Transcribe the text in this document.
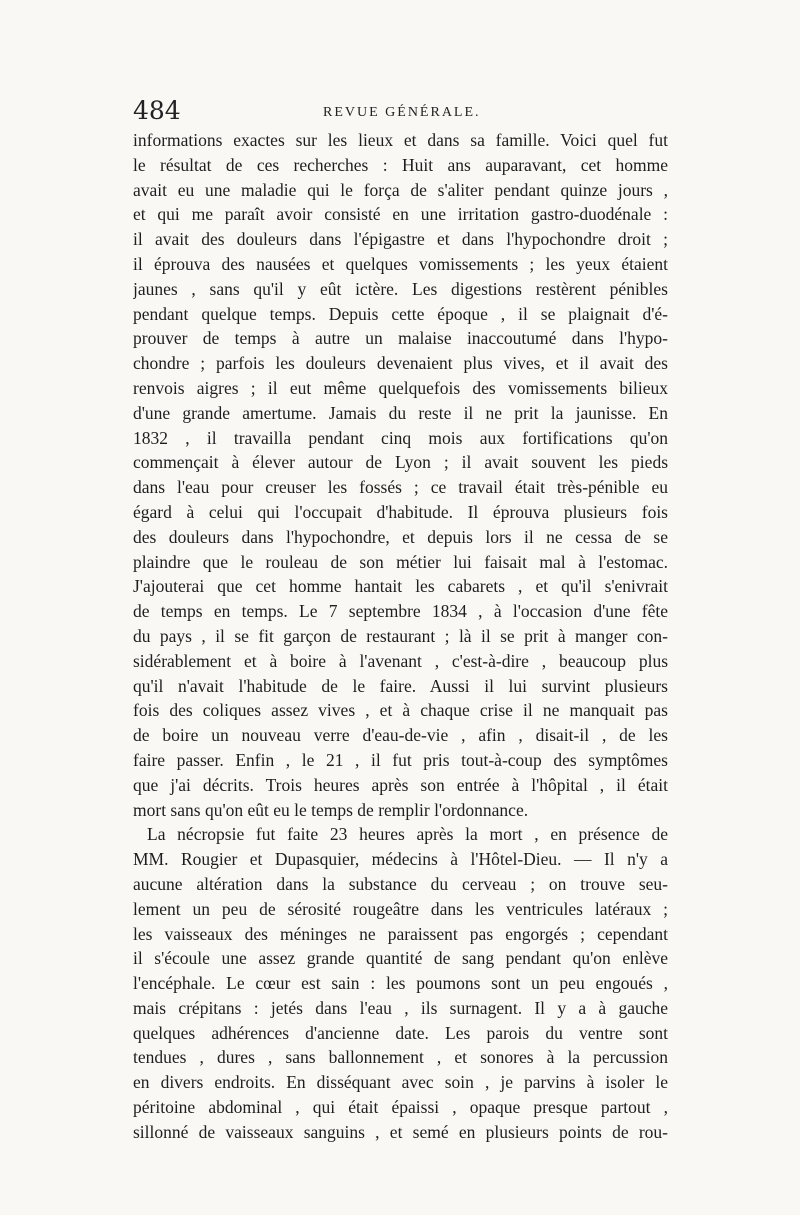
484	REVUE GÉNÉRALE.
informations exactes sur les lieux et dans sa famille. Voici quel fut
le résultat de ces recherches : Huit ans auparavant, cet homme
avait eu une maladie qui le força de s'aliter pendant quinze jours ,
et qui me paraît avoir consisté en une irritation gastro-duodénale :
il avait des douleurs dans l'épigastre et dans l'hypochondre droit ;
il éprouva des nausées et quelques vomissements ; les yeux étaient
jaunes , sans qu'il y eût ictère. Les digestions restèrent pénibles
pendant quelque temps. Depuis cette époque , il se plaignait d'é-
prouver de temps à autre un malaise inaccoutumé dans l'hypo-
chondre ; parfois les douleurs devenaient plus vives, et il avait des
renvois aigres ; il eut même quelquefois des vomissements bilieux
d'une grande amertume. Jamais du reste il ne prit la jaunisse. En
1832 , il travailla pendant cinq mois aux fortifications qu'on
commençait à élever autour de Lyon ; il avait souvent les pieds
dans l'eau pour creuser les fossés ; ce travail était très-pénible eu
égard à celui qui l'occupait d'habitude. Il éprouva plusieurs fois
des douleurs dans l'hypochondre, et depuis lors il ne cessa de se
plaindre que le rouleau de son métier lui faisait mal à l'estomac.
J'ajouterai que cet homme hantait les cabarets , et qu'il s'enivrait
de temps en temps. Le 7 septembre 1834 , à l'occasion d'une fête
du pays , il se fit garçon de restaurant ; là il se prit à manger con-
sidérablement et à boire à l'avenant , c'est-à-dire , beaucoup plus
qu'il n'avait l'habitude de le faire. Aussi il lui survint plusieurs
fois des coliques assez vives , et à chaque crise il ne manquait pas
de boire un nouveau verre d'eau-de-vie , afin , disait-il , de les
faire passer. Enfin , le 21 , il fut pris tout-à-coup des symptômes
que j'ai décrits. Trois heures après son entrée à l'hôpital , il était
mort sans qu'on eût eu le temps de remplir l'ordonnance.
La nécropsie fut faite 23 heures après la mort , en présence de
MM. Rougier et Dupasquier, médecins à l'Hôtel-Dieu. — Il n'y a
aucune altération dans la substance du cerveau ; on trouve seu-
lement un peu de sérosité rougeâtre dans les ventricules latéraux ;
les vaisseaux des méninges ne paraissent pas engorgés ; cependant
il s'écoule une assez grande quantité de sang pendant qu'on enlève
l'encéphale. Le cœur est sain : les poumons sont un peu engoués ,
mais crépitans : jetés dans l'eau , ils surnagent. Il y a à gauche
quelques adhérences d'ancienne date. Les parois du ventre sont
tendues , dures , sans ballonnement , et sonores à la percussion
en divers endroits. En disséquant avec soin , je parvins à isoler le
péritoine abdominal , qui était épaissi , opaque presque partout ,
sillonné de vaisseaux sanguins , et semé en plusieurs points de rou-
